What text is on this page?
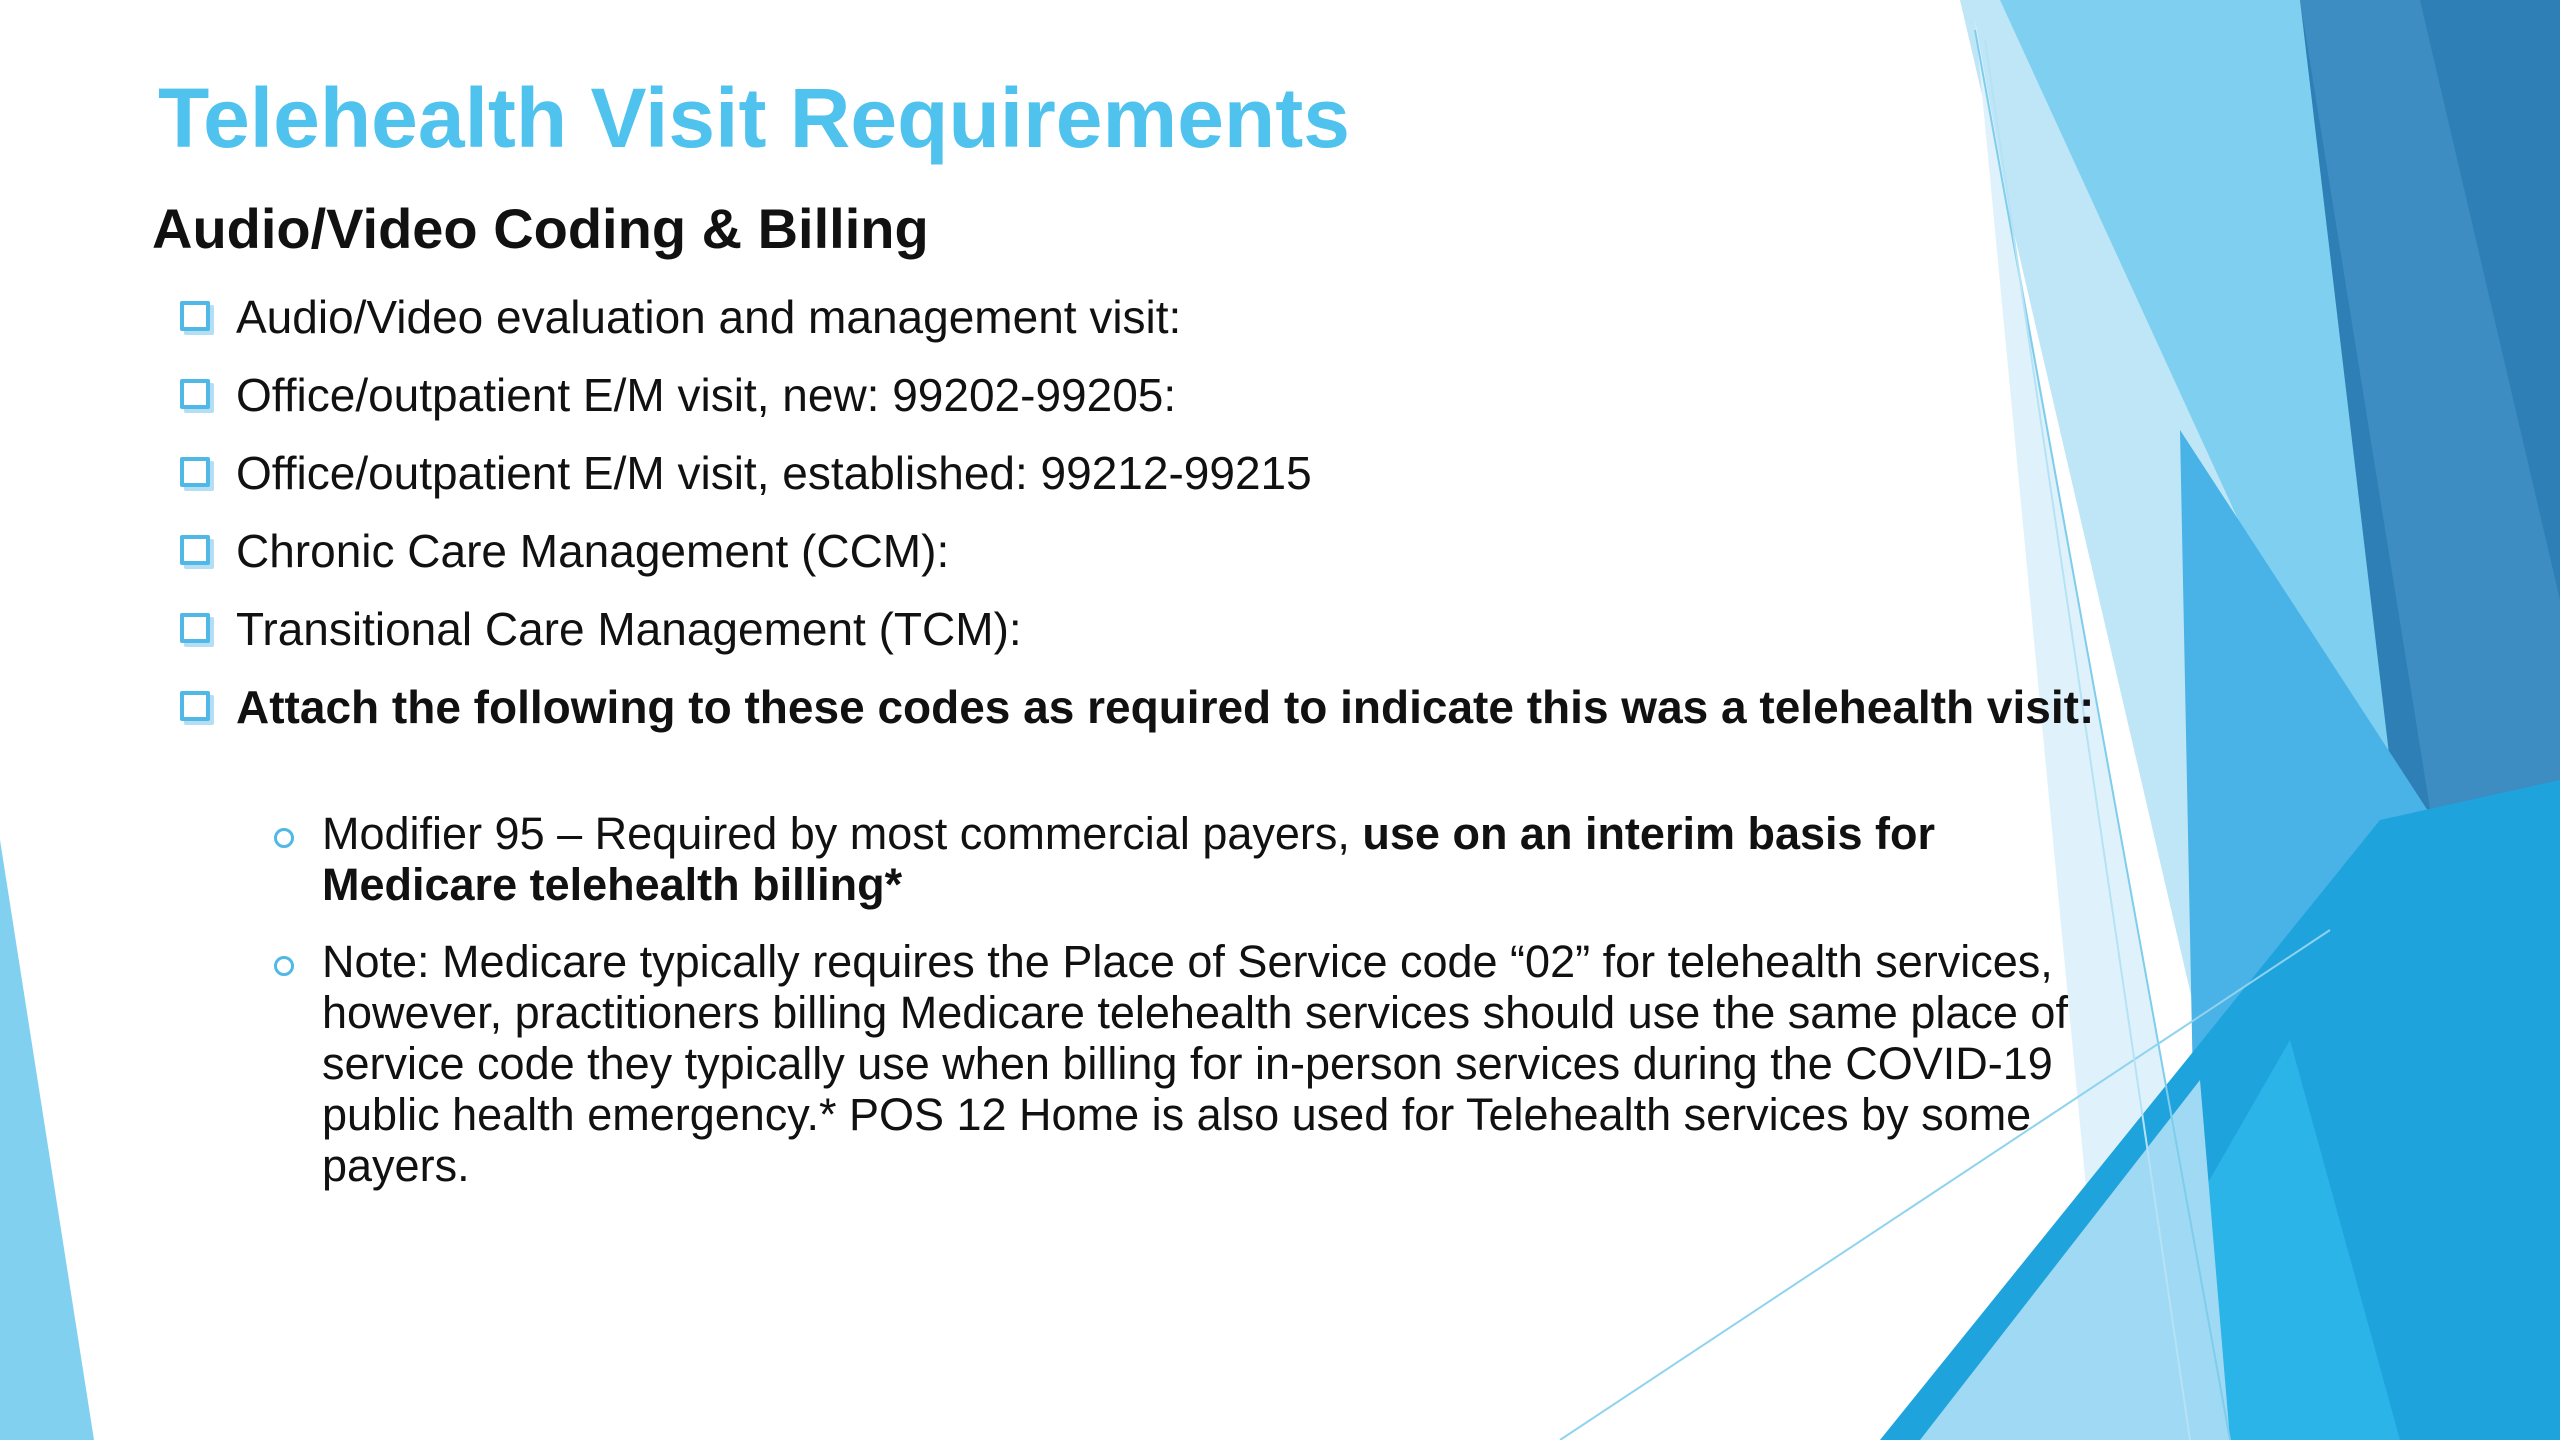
Telehealth Visit Requirements
Audio/Video Coding & Billing
Audio/Video evaluation and management visit:
Office/outpatient E/M visit, new: 99202-99205:
Office/outpatient E/M visit, established: 99212-99215
Chronic Care Management (CCM):
Transitional Care Management (TCM):
Attach the following to these codes as required to indicate this was a telehealth visit:
Modifier 95 – Required by most commercial payers, use on an interim basis for Medicare telehealth billing*
Note: Medicare typically requires the Place of Service code “02” for telehealth services, however, practitioners billing Medicare telehealth services should use the same place of service code they typically use when billing for in-person services during the COVID-19 public health emergency.* POS 12 Home is also used for Telehealth services by some payers.
